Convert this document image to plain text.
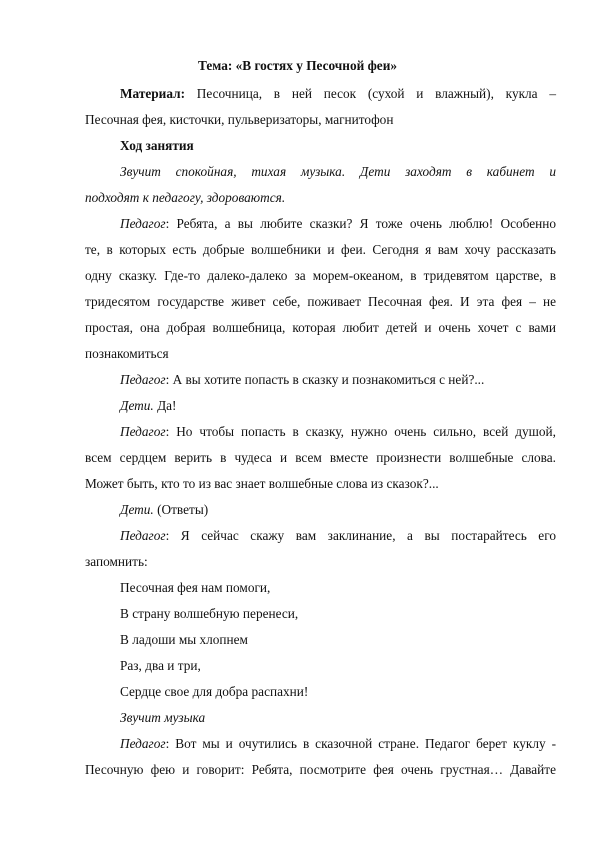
Тема: «В гостях у Песочной феи»
Материал: Песочница, в ней песок (сухой и влажный), кукла –
Песочная фея, кисточки, пульверизаторы, магнитофон
Ход занятия
Звучит спокойная, тихая музыка. Дети заходят в кабинет и
подходят к педагогу, здороваются.
Педагог: Ребята, а вы любите сказки? Я тоже очень люблю! Особенно
те, в которых есть добрые волшебники и феи. Сегодня я вам хочу рассказать
одну сказку. Где-то далеко-далеко за морем-океаном, в тридевятом царстве, в
тридесятом государстве живет себе, поживает Песочная фея. И эта фея – не
простая, она добрая волшебница, которая любит детей и очень хочет с вами
познакомиться
Педагог: А вы хотите попасть в сказку и познакомиться с ней?...
Дети. Да!
Педагог: Но чтобы попасть в сказку, нужно очень сильно, всей душой,
всем сердцем верить в чудеса и всем вместе произнести волшебные слова.
Может быть, кто то из вас знает волшебные слова из сказок?...
Дети. (Ответы)
Педагог: Я сейчас скажу вам заклинание, а вы постарайтесь его
запомнить:
Песочная фея нам помоги,
В страну волшебную перенеси,
В ладоши мы хлопнем
Раз, два и три,
Сердце свое для добра распахни!
Звучит музыка
Педагог: Вот мы и очутились в сказочной стране. Педагог берет куклу -
Песочную фею и говорит: Ребята, посмотрите фея очень грустная… Давайте
